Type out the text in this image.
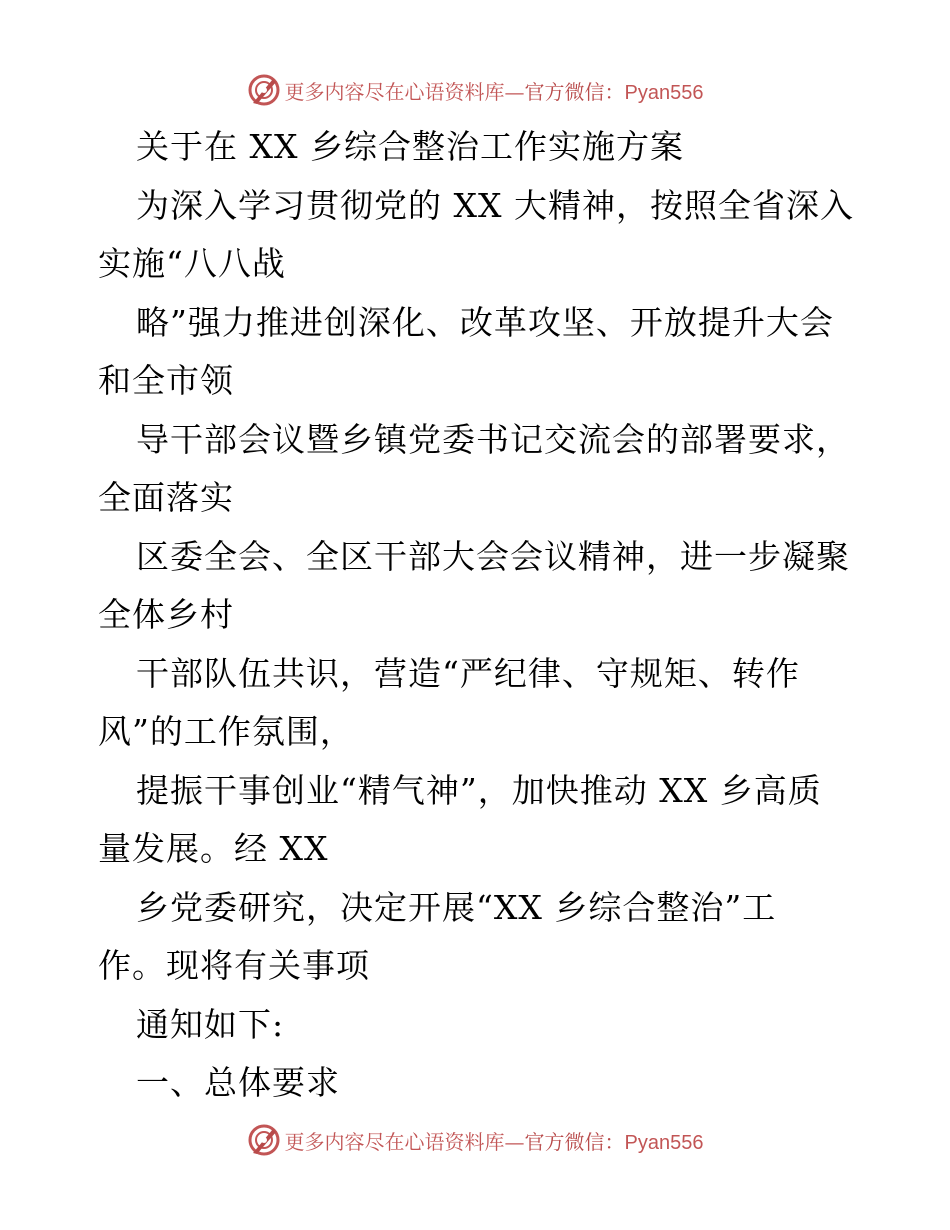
更多内容尽在心语资料库—官方微信：Pyan556
关于在 XX 乡综合整治工作实施方案
为深入学习贯彻党的 XX 大精神，按照全省深入
实施“八八战
略”强力推进创深化、改革攻坚、开放提升大会
和全市领
导干部会议暨乡镇党委书记交流会的部署要求，
全面落实
区委全会、全区干部大会会议精神，进一步凝聚
全体乡村
干部队伍共识，营造“严纪律、守规矩、转作
风”的工作氛围，
提振干事创业“精气神”，加快推动 XX 乡高质
量发展。经 XX
乡党委研究，决定开展“XX 乡综合整治”工
作。现将有关事项
通知如下:
一、总体要求
更多内容尽在心语资料库—官方微信：Pyan556
